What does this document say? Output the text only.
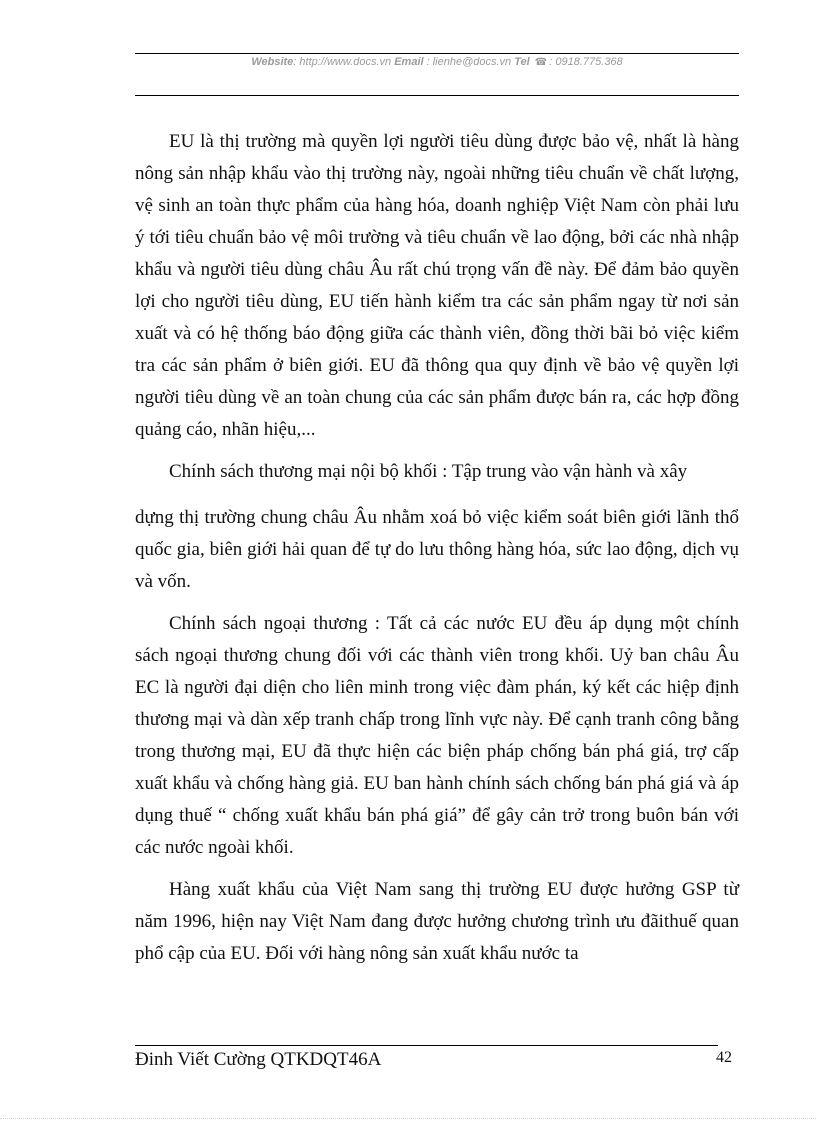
Website: http://www.docs.vn Email : lienhe@docs.vn Tel ☎ : 0918.775.368

EU là thị trường mà quyền lợi người tiêu dùng được bảo vệ, nhất là hàng nông sản nhập khẩu vào thị trường này, ngoài những tiêu chuẩn về chất lượng, vệ sinh an toàn thực phẩm của hàng hóa, doanh nghiệp Việt Nam còn phải lưu ý tới tiêu chuẩn bảo vệ môi trường và tiêu chuẩn về lao động, bởi các nhà nhập khẩu và người tiêu dùng châu Âu rất chú trọng vấn đề này. Để đảm bảo quyền lợi cho người tiêu dùng, EU tiến hành kiểm tra các sản phẩm ngay từ nơi sản xuất và có hệ thống báo động giữa các thành viên, đồng thời bãi bỏ việc kiểm tra các sản phẩm ở biên giới. EU đã thông qua quy định về bảo vệ quyền lợi người tiêu dùng về an toàn chung của các sản phẩm được bán ra, các hợp đồng quảng cáo, nhãn hiệu,...

Chính sách thương mại nội bộ khối : Tập trung vào vận hành và xây

dựng thị trường chung châu Âu nhằm xoá bỏ việc kiểm soát biên giới lãnh thổ quốc gia, biên giới hải quan để tự do lưu thông hàng hóa, sức lao động, dịch vụ và vốn.

Chính sách ngoại thương : Tất cả các nước EU đều áp dụng một chính sách ngoại thương chung đối với các thành viên trong khối. Uỷ ban châu Âu EC là người đại diện cho liên minh trong việc đàm phán, ký kết các hiệp định thương mại và dàn xếp tranh chấp trong lĩnh vực này. Để cạnh tranh công bằng trong thương mại, EU đã thực hiện các biện pháp chống bán phá giá, trợ cấp xuất khẩu và chống hàng giả. EU ban hành chính sách chống bán phá giá và áp dụng thuế “ chống xuất khẩu bán phá giá” để gây cản trở trong buôn bán với các nước ngoài khối.

Hàng xuất khẩu của Việt Nam sang thị trường EU được hưởng GSP từ năm 1996, hiện nay Việt Nam đang được hưởng chương trình ưu đãithuế quan phổ cập của EU. Đối với hàng nông sản xuất khẩu nước ta

Đinh Viết Cường QTKDQT46A	42
